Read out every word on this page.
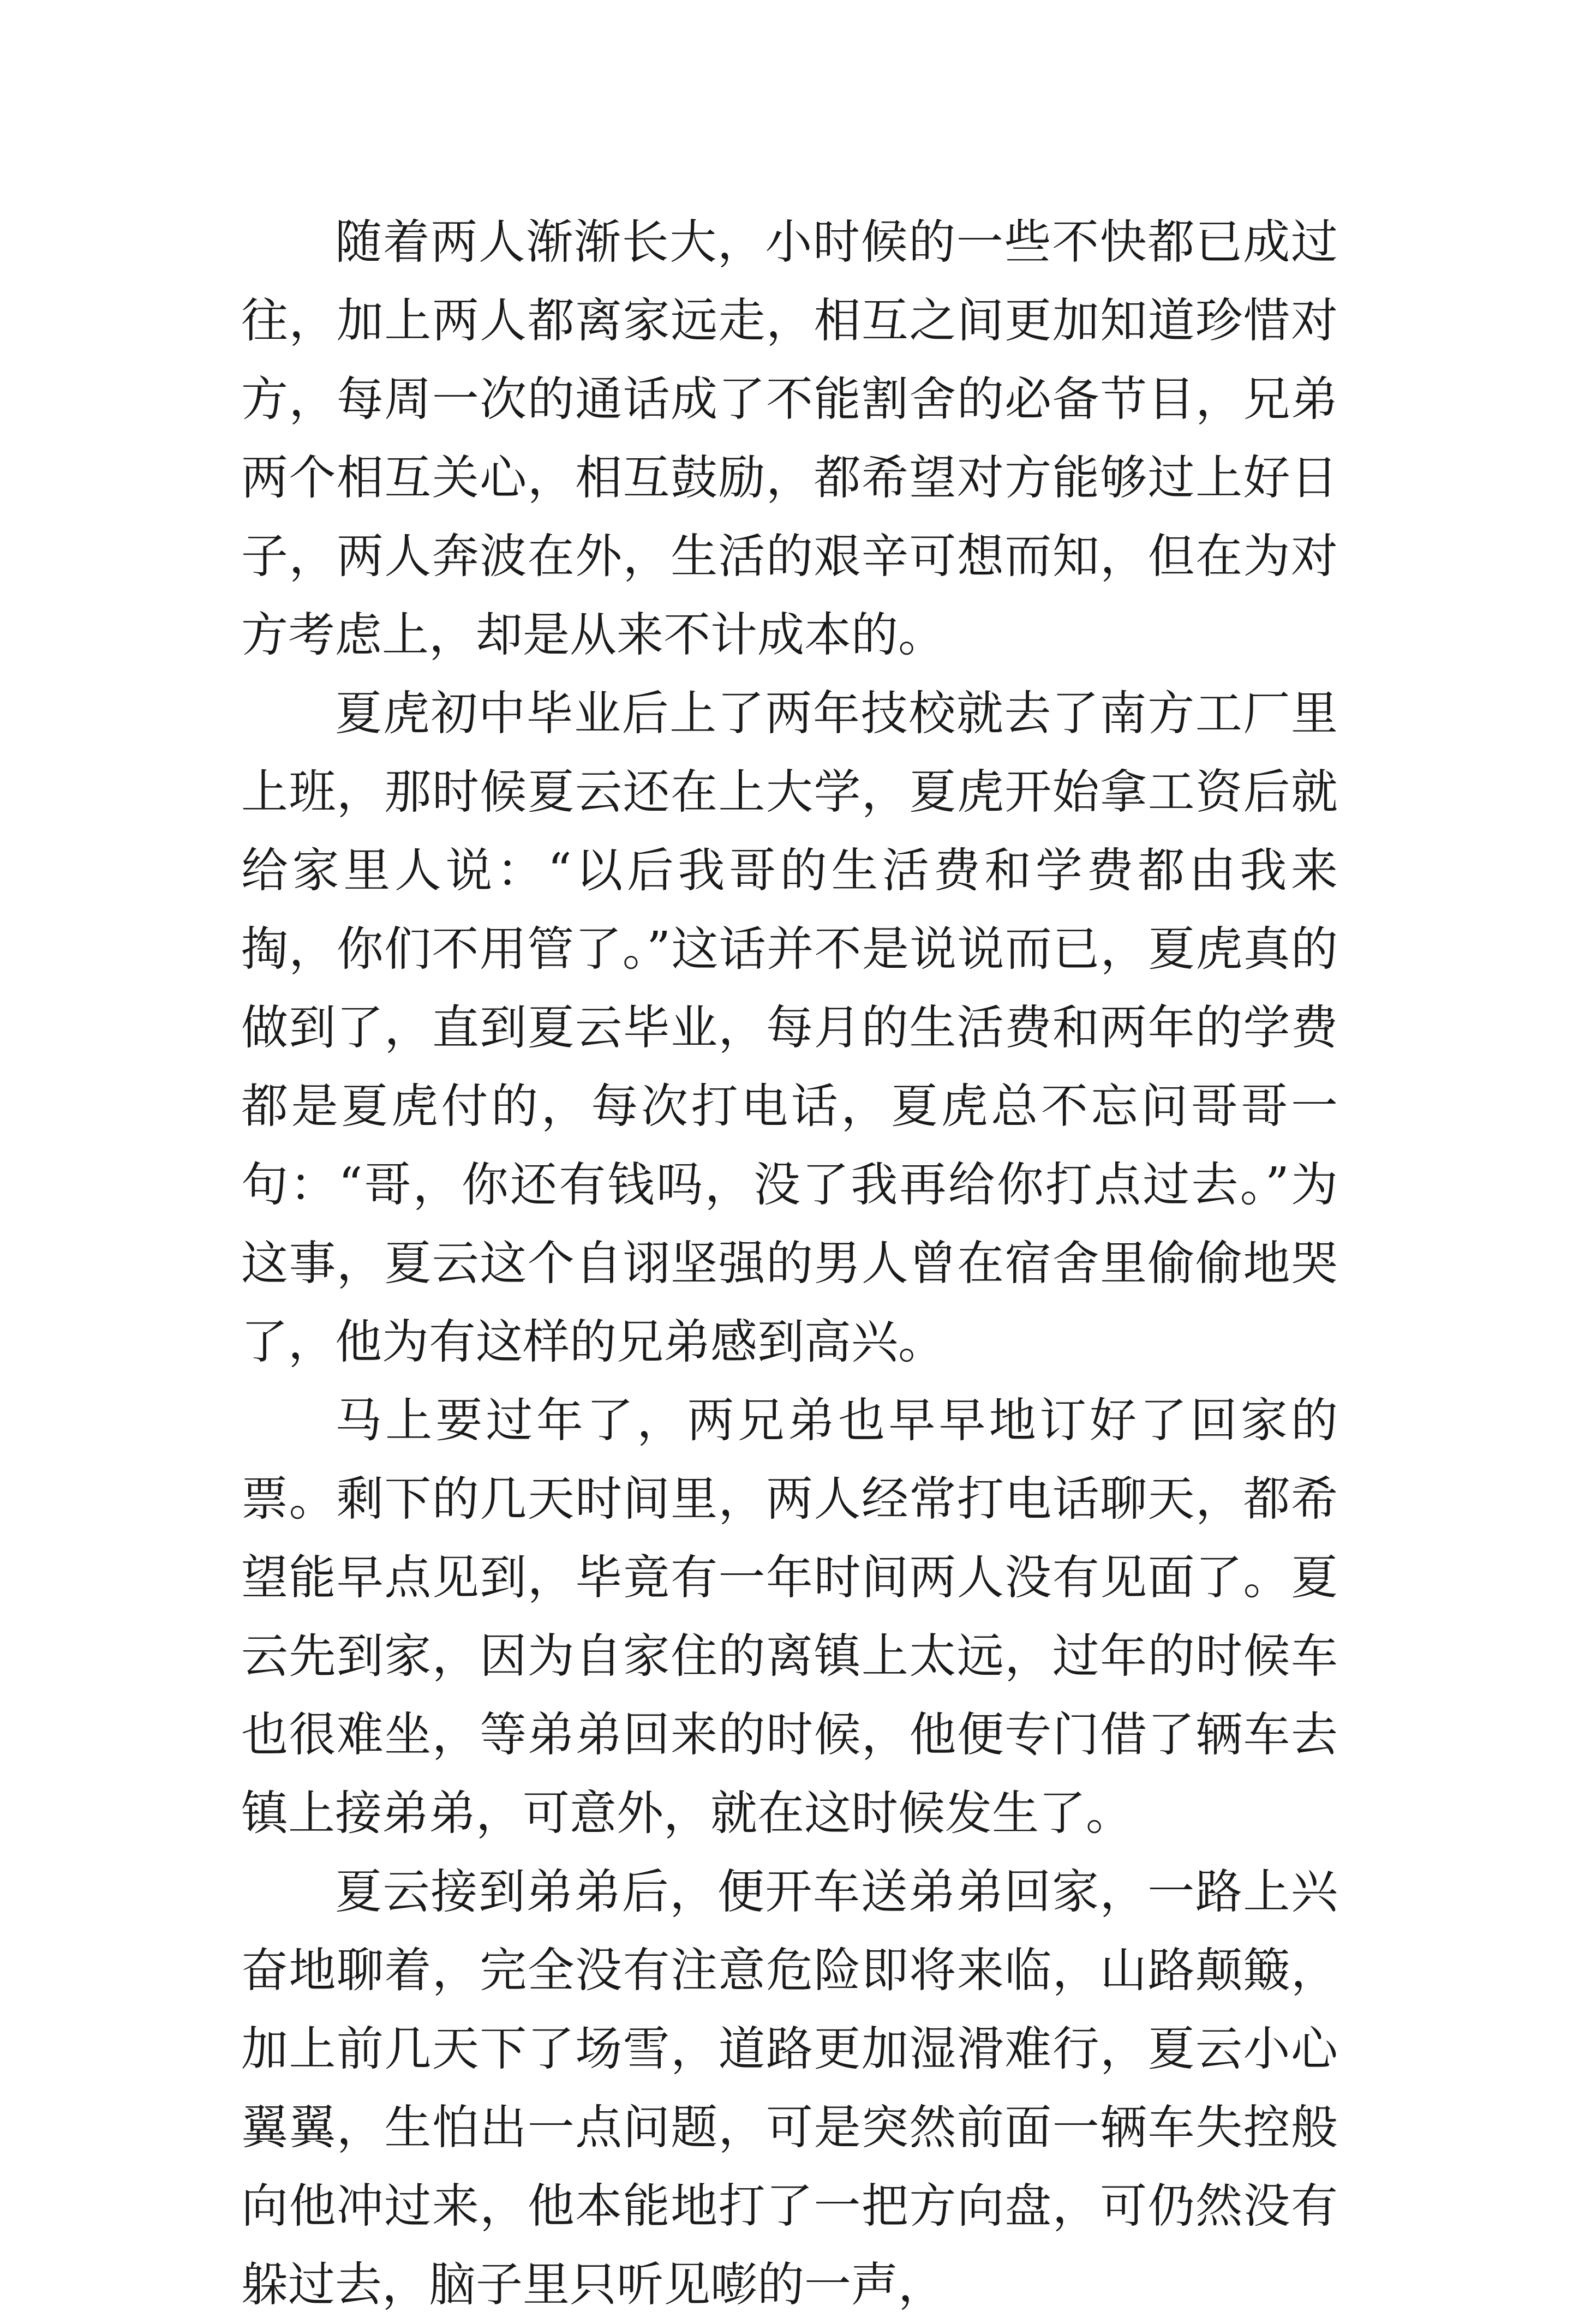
随着两人渐渐长大，小时候的一些不快都已成过往，加上两人都离家远走，相互之间更加知道珍惜对方，每周一次的通话成了不能割舍的必备节目，兄弟两个相互关心，相互鼓励，都希望对方能够过上好日子，两人奔波在外，生活的艰辛可想而知，但在为对方考虑上，却是从来不计成本的。

夏虎初中毕业后上了两年技校就去了南方工厂里上班，那时候夏云还在上大学，夏虎开始拿工资后就给家里人说：“以后我哥的生活费和学费都由我来掏，你们不用管了。”这话并不是说说而已，夏虎真的做到了，直到夏云毕业，每月的生活费和两年的学费都是夏虎付的，每次打电话，夏虎总不忘问哥哥一句：“哥，你还有钱吗，没了我再给你打点过去。”为这事，夏云这个自诩坚强的男人曾在宿舍里偷偷地哭了，他为有这样的兄弟感到高兴。

马上要过年了，两兄弟也早早地订好了回家的票。剩下的几天时间里，两人经常打电话聊天，都希望能早点见到，毕竟有一年时间两人没有见面了。夏云先到家，因为自家住的离镇上太远，过年的时候车也很难坐，等弟弟回来的时候，他便专门借了辆车去镇上接弟弟，可意外，就在这时候发生了。

夏云接到弟弟后，便开车送弟弟回家，一路上兴奋地聊着，完全没有注意危险即将来临，山路颠簸，加上前几天下了场雪，道路更加湿滑难行，夏云小心翼翼，生怕出一点问题，可是突然前面一辆车失控般向他冲过来，他本能地打了一把方向盘，可仍然没有躲过去，脑子里只听见嘭的一声，
